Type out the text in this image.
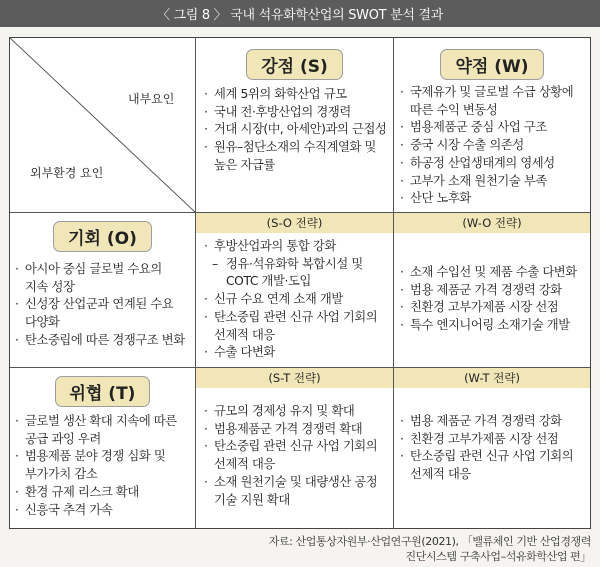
〈 그림 8 〉 국내 석유화학산업의 SWOT 분석 결과
내부요인
외부환경 요인
강점 (S)
· 세계 5위의 화학산업 규모
· 국내 전·후방산업의 경쟁력
· 거대 시장(中, 아세안)과의 근접성
· 원유–첨단소재의 수직계열화 및
높은 자급률
약점 (W)
· 국제유가 및 글로벌 수급 상황에
따른 수익 변동성
· 범용제품군 중심 사업 구조
· 중국 시장 수출 의존성
· 하공정 산업생태계의 영세성
· 고부가 소재 원천기술 부족
· 산단 노후화
기회 (O)
· 아시아 중심 글로벌 수요의
지속 성장
· 신성장 산업군과 연계된 수요
다양화
· 탄소중립에 따른 경쟁구조 변화
(S-O 전략)
· 후방산업과의 통합 강화
– 정유·석유화학 복합시설 및
COTC 개발·도입
· 신규 수요 연계 소재 개발
· 탄소중립 관련 신규 사업 기회의
선제적 대응
· 수출 다변화
(W-O 전략)
· 소재 수입선 및 제품 수출 다변화
· 범용 제품군 가격 경쟁력 강화
· 친환경 고부가제품 시장 선점
· 특수 엔지니어링 소재기술 개발
위협 (T)
· 글로벌 생산 확대 지속에 따른
공급 과잉 우려
· 범용제품 분야 경쟁 심화 및
부가가치 감소
· 환경 규제 리스크 확대
· 신흥국 추격 가속
(S-T 전략)
· 규모의 경제성 유지 및 확대
· 범용제품군 가격 경쟁력 확대
· 탄소중립 관련 신규 사업 기회의
선제적 대응
· 소재 원천기술 및 대량생산 공정
기술 지원 확대
(W-T 전략)
· 범용 제품군 가격 경쟁력 강화
· 친환경 고부가제품 시장 선점
· 탄소중립 관련 신규 사업 기회의
선제적 대응
자료: 산업통상자원부·산업연구원(2021), 「밸류체인 기반 산업경쟁력
진단시스템 구축사업–석유화학산업 편」
